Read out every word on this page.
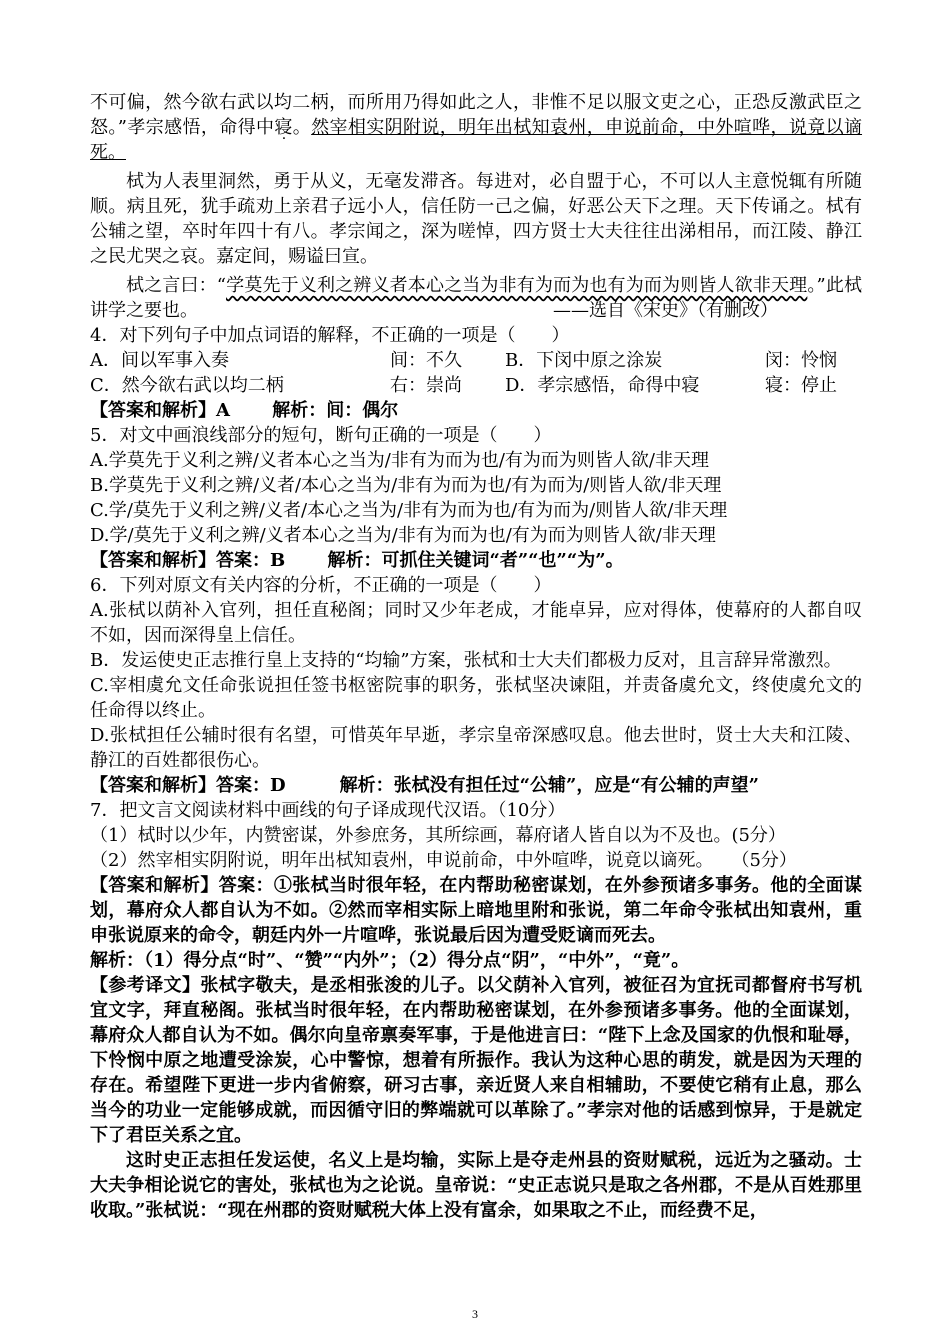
不可偏，然今欲右武以均二柄，而所用乃得如此之人，非惟不足以服文吏之心，正恐反激武臣之怒。”孝宗感悟，命得中寝。然宰相实阴附说，明年出栻知袁州，申说前命，中外喧哗，说竟以谪死。

栻为人表里洞然，勇于从义，无毫发滞吝。每进对，必自盟于心，不可以人主意悦辄有所随顺。病且死，犹手疏劝上亲君子远小人，信任防一己之偏，好恶公天下之理。天下传诵之。栻有公辅之望，卒时年四十有八。孝宗闻之，深为嗟悼，四方贤士大夫往往出涕相吊，而江陵、静江之民尤哭之哀。嘉定间，赐谥曰宣。

栻之言曰：“学莫先于义利之辨义者本心之当为非有为而为也有为而为则皆人欲非天理。”此栻讲学之要也。	——选自《宋史》（有删改）

4．对下列句子中加点词语的解释，不正确的一项是（　　）

A．间以军事入奏	间：不久	B．下闵中原之涂炭	闵：怜悯
C．然今欲右武以均二柄	右：崇尚	D．孝宗感悟，命得中寝	寝：停止

【答案和解析】A　　 解析：间：偶尔

5．对文中画浪线部分的短句，断句正确的一项是（　　）

A.学莫先于义利之辨/义者本心之当为/非有为而为也/有为而为则皆人欲/非天理

B.学莫先于义利之辨/义者/本心之当为/非有为而为也/有为而为/则皆人欲/非天理

C.学/莫先于义利之辨/义者/本心之当为/非有为而为也/有为而为/则皆人欲/非天理

D.学/莫先于义利之辨/义者本心之当为/非有为而为也/有为而为则皆人欲/非天理

【答案和解析】答案：B　　 解析：可抓住关键词“者”“也”“为”。

6．下列对原文有关内容的分析，不正确的一项是（　　）

A.张栻以荫补入官列，担任直秘阁；同时又少年老成，才能卓异，应对得体，使幕府的人都自叹不如，因而深得皇上信任。

B．发运使史正志推行皇上支持的“均输”方案，张栻和士大夫们都极力反对，且言辞异常激烈。

C.宰相虞允文任命张说担任签书枢密院事的职务，张栻坚决谏阻，并责备虞允文，终使虞允文的任命得以终止。

D.张栻担任公辅时很有名望，可惜英年早逝，孝宗皇帝深感叹息。他去世时，贤士大夫和江陵、静江的百姓都很伤心。

【答案和解析】答案：D　　　解析：张栻没有担任过“公辅”，应是“有公辅的声望”

7．把文言文阅读材料中画线的句子译成现代汉语。（10分）

（1）栻时以少年，内赞密谋，外参庶务，其所综画，幕府诸人皆自以为不及也。(5分）

（2）然宰相实阴附说，明年出栻知袁州，申说前命，中外喧哗，说竟以谪死。　　（5分）

【答案和解析】答案：①张栻当时很年轻，在内帮助秘密谋划，在外参预诸多事务。他的全面谋划，幕府众人都自认为不如。②然而宰相实际上暗地里附和张说，第二年命令张栻出知袁州，重申张说原来的命令，朝廷内外一片喧哗，张说最后因为遭受贬谪而死去。

解析：（1）得分点“时”、“赞”“内外”；（2）得分点“阴”，“中外”，“竟”。

【参考译文】张栻字敬夫，是丞相张浚的儿子。以父荫补入官列，被征召为宜抚司都督府书写机宜文字，拜直秘阁。张栻当时很年轻，在内帮助秘密谋划，在外参预诸多事务。他的全面谋划，幕府众人都自认为不如。偶尔向皇帝禀奏军事，于是他进言曰：“陛下上念及国家的仇恨和耻辱，下怜悯中原之地遭受涂炭，心中警惊，想着有所振作。我认为这种心思的萌发，就是因为天理的存在。希望陛下更进一步内省俯察，研习古事，亲近贤人来自相辅助，不要使它稍有止息，那么当今的功业一定能够成就，而因循守旧的弊端就可以革除了。”孝宗对他的话感到惊异，于是就定下了君臣关系之宜。

这时史正志担任发运使，名义上是均输，实际上是夺走州县的资财赋税，远近为之骚动。士大夫争相论说它的害处，张栻也为之论说。皇帝说：“史正志说只是取之各州郡，不是从百姓那里收取。”张栻说：“现在州郡的资财赋税大体上没有富余，如果取之不止，而经费不足，

3
